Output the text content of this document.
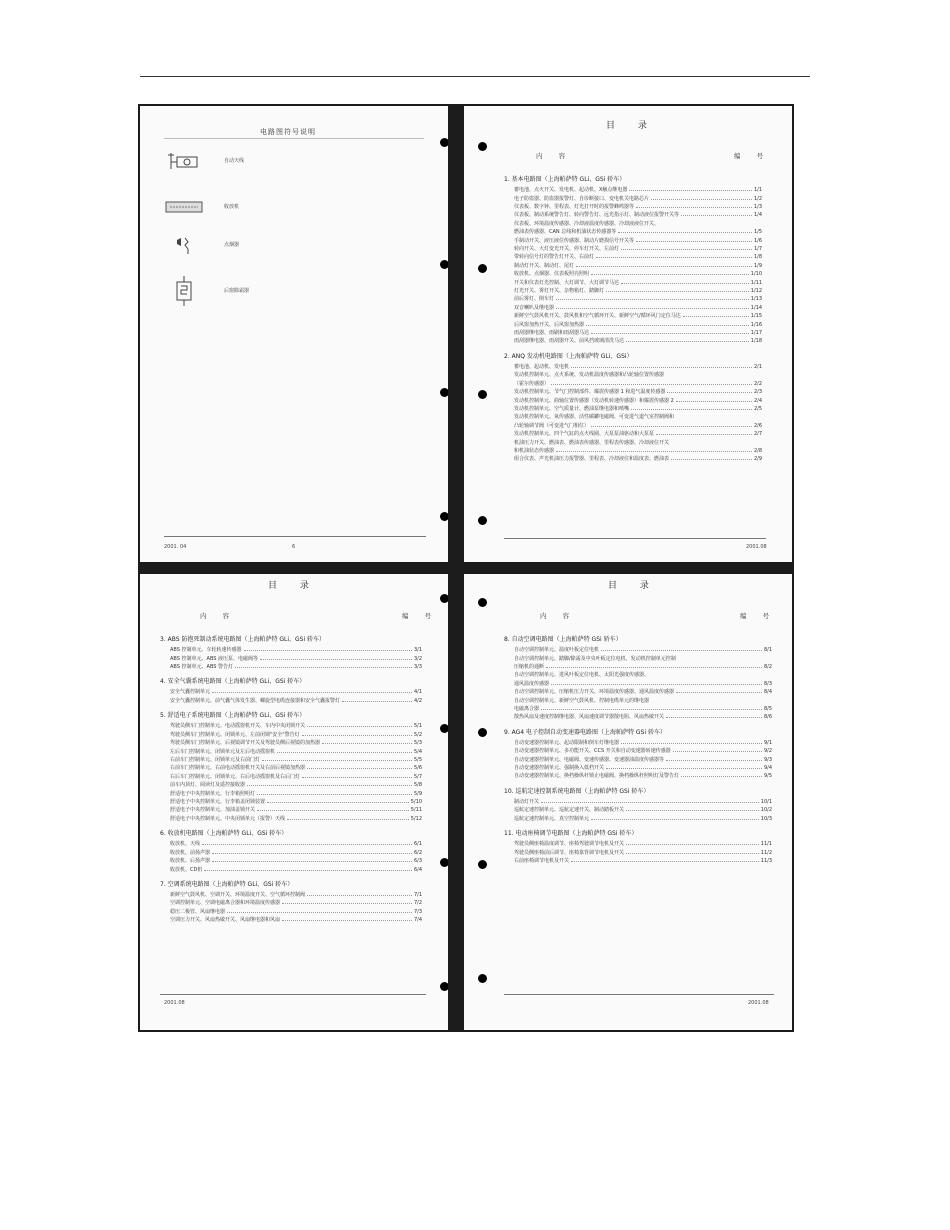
电路图符号说明
自动天线
收放机
点烟器
后窗除霜器
2001. 04	6
目 录
内 容	编 号
1. 基本电路图（上海帕萨特 GLi、GSi 轿车）
蓄电池、点火开关、发电机、起动机、X触点继电器	1/1
电子防盗器、防盗器报警灯、自诊断接口、变电机关电路芯片	1/2
仪表板、数字钟、里程表、灯光打开时的报警蜂鸣器等	1/3
仪表板、制动系统警告灯、转向警告灯、远光指示灯、制动液位报警开关等	1/4
仪表板、环境温度传感器、冷却液温度传感器、冷却液液位开关、
燃油表传感器、CAN 总线和机油状态传感器等	1/5
手制动开关、液压液位传感器、制动片磨损信号开关等	1/6
转向开关、大灯变光开关、停车灯开关、左前灯	1/7
带转向信号灯的警告灯开关、右前灯	1/8
制动灯开关、制动灯、尾灯	1/9
收放机、点烟器、仪表板照亮照明	1/10
开关和仪表灯光控制、大灯调节、大灯调节马达	1/11
灯光开关、雾灯开关、杂物箱灯、踏脚灯	1/12
前后雾灯、倒车灯	1/13
双音喇叭及继电器	1/14
新鲜空气鼓风机开关、鼓风机和空气循环开关、新鲜空气/循环风门定位马达	1/15
后风窗加热开关、后风窗加热器	1/16
雨刮器继电器、雨刷和雨刮器马达	1/17
雨刮器继电器、雨刮器开关、前风挡玻璃清洗马达	1/18
2. ANQ 发动机电路图（上海帕萨特 GLi、GSi）
蓄电池、起动机、发电机	2/1
发动机控制单元、点火系统、发动机温度传感器和凸轮轴位置传感器
（霍尔传感器）	2/2
发动机控制单元、节气门控制部件、爆震传感器 1 和进气温度传感器	2/3
发动机控制单元、曲轴位置传感器（发动机转速传感器）和爆震传感器 2	2/4
发动机控制单元、空气质量计、燃油泵继电器和喷嘴	2/5
发动机控制单元、氧传感器、活性碳罐电磁阀、可变进气道气室控制阀和
凸轮轴调节阀（可变进气门相位）	2/6
发动机控制单元、四个气缸的点火线圈、大泵泵油驱动和大泵泵	2/7
机油压力开关、燃油表、燃油表传感器、里程表传感器、冷却液位开关
和机油状态传感器	2/8
组合仪表、声光机油压力报警器、里程表、冷却液位和温度表、燃油表	2/9
2001.08
目 录
内 容	编 号
3. ABS 防抱死制动系统电路图（上海帕萨特 GLi、GSi 轿车）
ABS 控制单元、车轮转速传感器	3/1
ABS 控制单元、ABS 液压泵、电磁阀等	3/2
ABS 控制单元、ABS 警告灯	3/3
4. 安全气囊系统电路图（上海帕萨特 GLi、GSi 轿车）
安全气囊控制单元	4/1
安全气囊控制单元、前气囊气体发生器、螺旋型电缆连接器和安全气囊报警灯	4/2
5. 舒适电子系统电路图（上海帕萨特 GLi、GSi 轿车）
驾驶员侧车门控制单元、电动摇窗机开关、车内中央闭锁开关	5/1
驾驶员侧车门控制单元、闭锁单元、左前闭锁"安全"警告灯	5/2
驾驶员侧车门控制单元、后视镜调节开关及驾驶员侧后视镜的加热器	5/3
左后车门控制单元、闭锁单元及左后电动摇窗机	5/4
右前车门控制单元、闭锁单元及右前门灯	5/5
右前车门控制单元、右前电动摇窗机开关及右前后视镜加热器	5/6
右后车门控制单元、闭锁单元、右后电动摇窗机及右后门灯	5/7
前车内顶灯、阅读灯及遥控接收器	5/8
舒适电子中央控制单元、行李箱照明灯	5/9
舒适电子中央控制单元、行李箱盖闭锁装置	5/10
舒适电子中央控制单元、加油盖锁开关	5/11
舒适电子中央控制单元、中央闭锁单元（报警）天线	5/12
6. 收放机电路图（上海帕萨特 GLi、GSi 轿车）
收放机、天线	6/1
收放机、前扬声器	6/2
收放机、后扬声器	6/3
收放机、CD机	6/4
7. 空调系统电路图（上海帕萨特 GLi、GSi 轿车）
新鲜空气鼓风机、空调开关、环境温度开关、空气循环控制阀	7/1
空调控制单元、空调电磁离合器和环境温度传感器	7/2
稳压二极管、风扇继电器	7/3
空调压力开关、风扇热敏开关、风扇继电器和风扇	7/4
2001.08
目 录
内 容	编 号
8. 自动空调电路图（上海帕萨特 GSi 轿车）
自动空调控制单元、温度叶板定位电机	8/1
自动空调控制单元、踏脚/除霜及中央叶板定位电机、发动机控制单元控制
压缩机的通断	8/2
自动空调控制单元、进风叶板定位电机、太阳光强度传感器、
通风温度传感器	8/3
自动空调控制单元、压缩机压力开关、环境温度传感器、通风温度传感器	8/4
自动空调控制单元、新鲜空气鼓风机、控制电缆单元的继电器
电磁离合器	8/5
散热风扇及速度控制继电器、风扇速度调节器散电阻、风扇热敏开关	8/6
9. AG4 电子控制自动变速器电路图（上海帕萨特 GSi 轿车）
自动变速器控制单元、起动限制和倒车灯继电器	9/1
自动变速器控制单元、多功能开关、CCS 开关和自动变速器转速传感器	9/2
自动变速器控制单元、电磁阀、变速传感器、变速器油温度传感器等	9/3
自动变速器控制单元、强制换入低档开关	9/4
自动变速器控制单元、换档操纵杆锁止电磁阀、换档操纵杆照明灯及警告灯	9/5
10. 巡航定速控制系统电路图（上海帕萨特 GSi 轿车）
制动灯开关	10/1
巡航定速控制单元、巡航定速开关、制动踏板开关	10/2
巡航定速控制单元、真空控制单元	10/3
11. 电动座椅调节电路图（上海帕萨特 GSi 轿车）
驾驶员侧座椅温度调节、座椅驾驶调节电机及开关	11/1
驾驶员侧座椅前后调节、座椅靠背调节电机及开关	11/2
右前座椅调节电机及开关	11/3
2001.08
